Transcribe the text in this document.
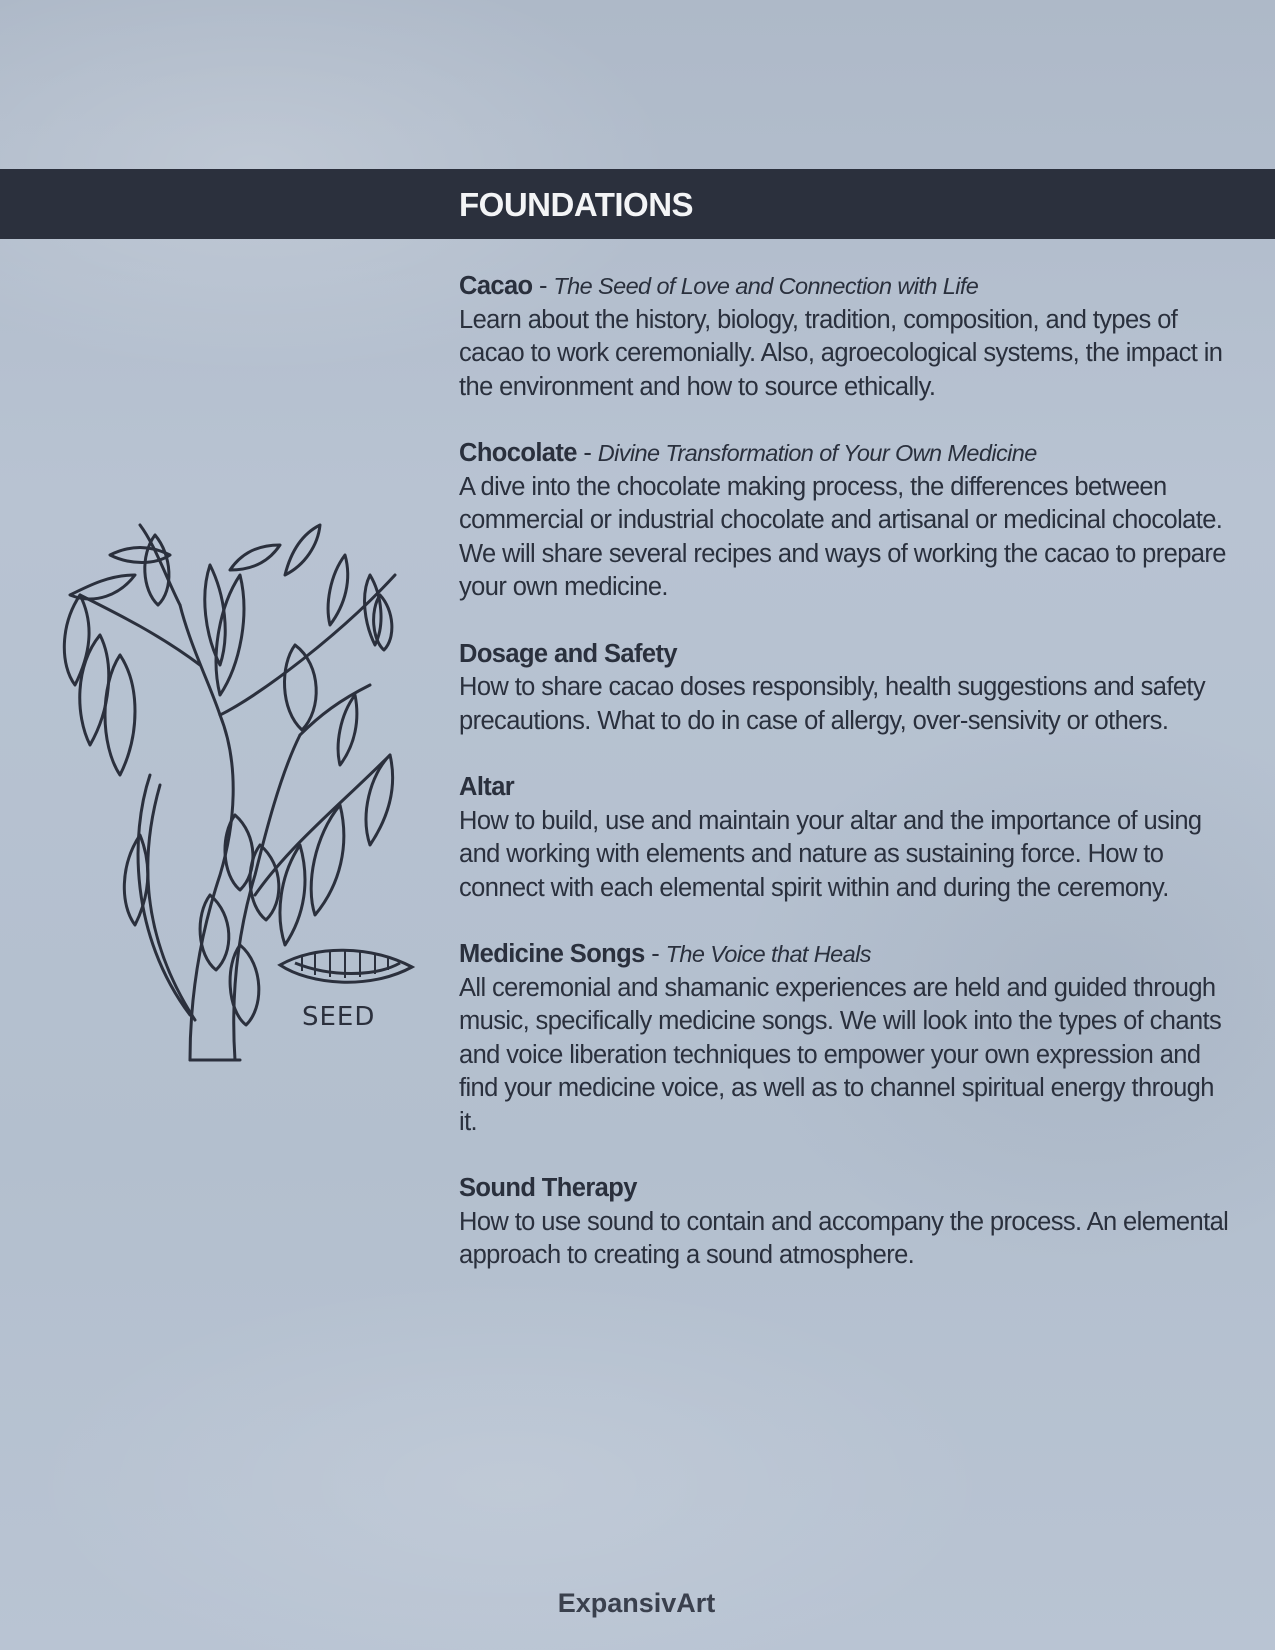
FOUNDATIONS
SEED
Cacao - The Seed of Love and Connection with Life

Learn about the history, biology, tradition, composition, and types of cacao to work ceremonially. Also, agroecological systems, the impact in the environment and how to source ethically.

Chocolate - Divine Transformation of Your Own Medicine

A dive into the chocolate making process, the differences between commercial or industrial chocolate and artisanal or medicinal chocolate. We will share several recipes and ways of working the cacao to prepare your own medicine.

Dosage and Safety

How to share cacao doses responsibly, health suggestions and safety precautions. What to do in case of allergy, over-sensivity or others.

Altar

How to build, use and maintain your altar and the importance of using and working with elements and nature as sustaining force. How to connect with each elemental spirit within and during the ceremony.

Medicine Songs - The Voice that Heals

All ceremonial and shamanic experiences are held and guided through music, specifically medicine songs. We will look into the types of chants and voice liberation techniques to empower your own expression and find your medicine voice, as well as to channel spiritual energy through it.

Sound Therapy

How to use sound to contain and accompany the process. An elemental approach to creating a sound atmosphere.

ExpansivArt
